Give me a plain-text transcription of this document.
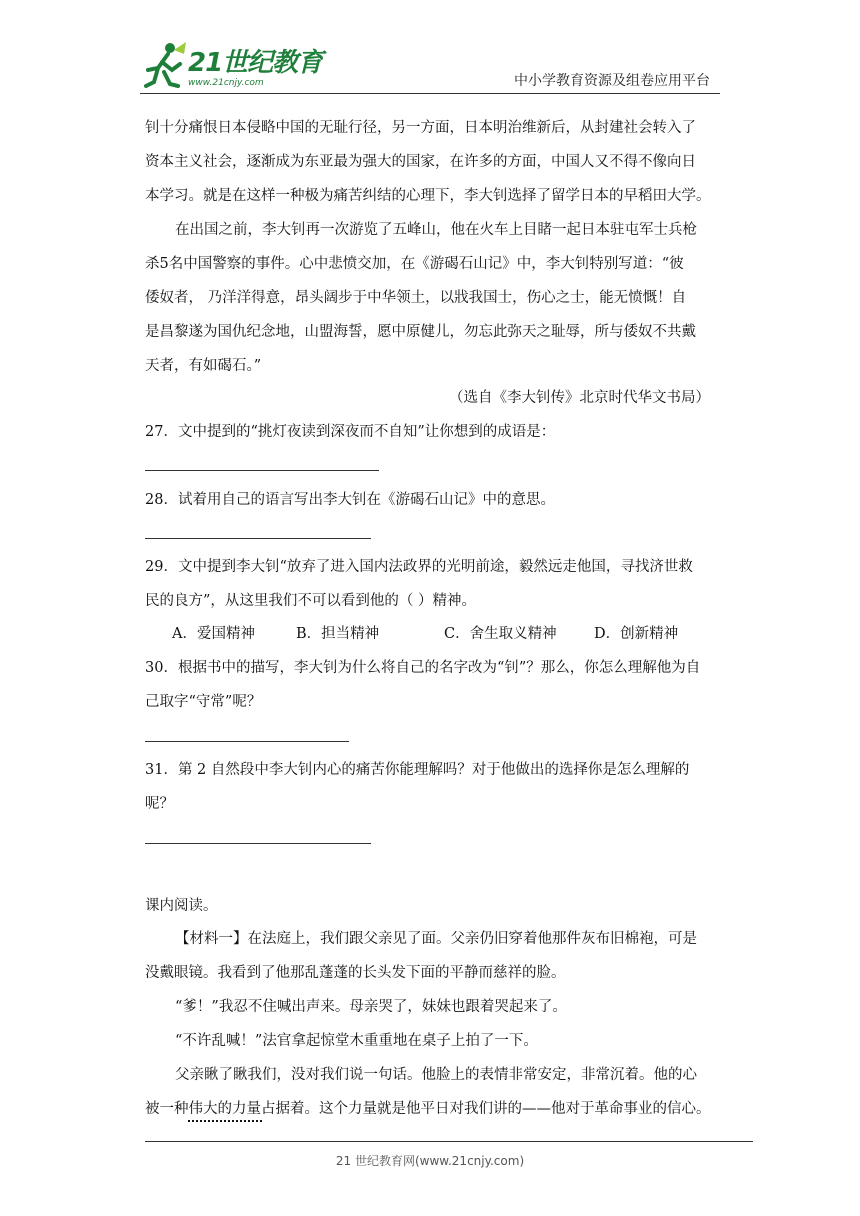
21世纪教育
www.21cnjy.com	中小学教育资源及组卷应用平台
钊十分痛恨日本侵略中国的无耻行径，另一方面，日本明治维新后，从封建社会转入了
资本主义社会，逐渐成为东亚最为强大的国家，在许多的方面，中国人又不得不像向日
本学习。就是在这样一种极为痛苦纠结的心理下，李大钊选择了留学日本的早稻田大学。
在出国之前，李大钊再一次游览了五峰山，他在火车上目睹一起日本驻屯军士兵枪
杀5名中国警察的事件。心中悲愤交加，在《游碣石山记》中，李大钊特别写道：“彼
倭奴者， 乃洋洋得意，昂头阔步于中华领土，以戕我国士，伤心之士，能无愤慨！自
是昌黎遂为国仇纪念地，山盟海誓，愿中原健儿，勿忘此弥天之耻辱，所与倭奴不共戴
天者，有如碣石。”
（选自《李大钊传》北京时代华文书局）
27．文中提到的“挑灯夜读到深夜而不自知”让你想到的成语是：
28．试着用自己的语言写出李大钊在《游碣石山记》中的意思。
29．文中提到李大钊“放弃了进入国内法政界的光明前途，毅然远走他国，寻找济世救
民的良方”，从这里我们不可以看到他的（ ）精神。
A．爱国精神	B．担当精神	C．舍生取义精神	D．创新精神
30．根据书中的描写，李大钊为什么将自己的名字改为“钊”？那么，你怎么理解他为自
己取字“守常”呢？
31．第 2 自然段中李大钊内心的痛苦你能理解吗？对于他做出的选择你是怎么理解的
呢？
课内阅读。
【材料一】在法庭上，我们跟父亲见了面。父亲仍旧穿着他那件灰布旧棉袍，可是
没戴眼镜。我看到了他那乱蓬蓬的长头发下面的平静而慈祥的脸。
“爹！”我忍不住喊出声来。母亲哭了，妹妹也跟着哭起来了。
“不许乱喊！”法官拿起惊堂木重重地在桌子上拍了一下。
父亲瞅了瞅我们，没对我们说一句话。他脸上的表情非常安定，非常沉着。他的心
被一种伟大的力量占据着。这个力量就是他平日对我们讲的——他对于革命事业的信心。
21 世纪教育网(www.21cnjy.com)
